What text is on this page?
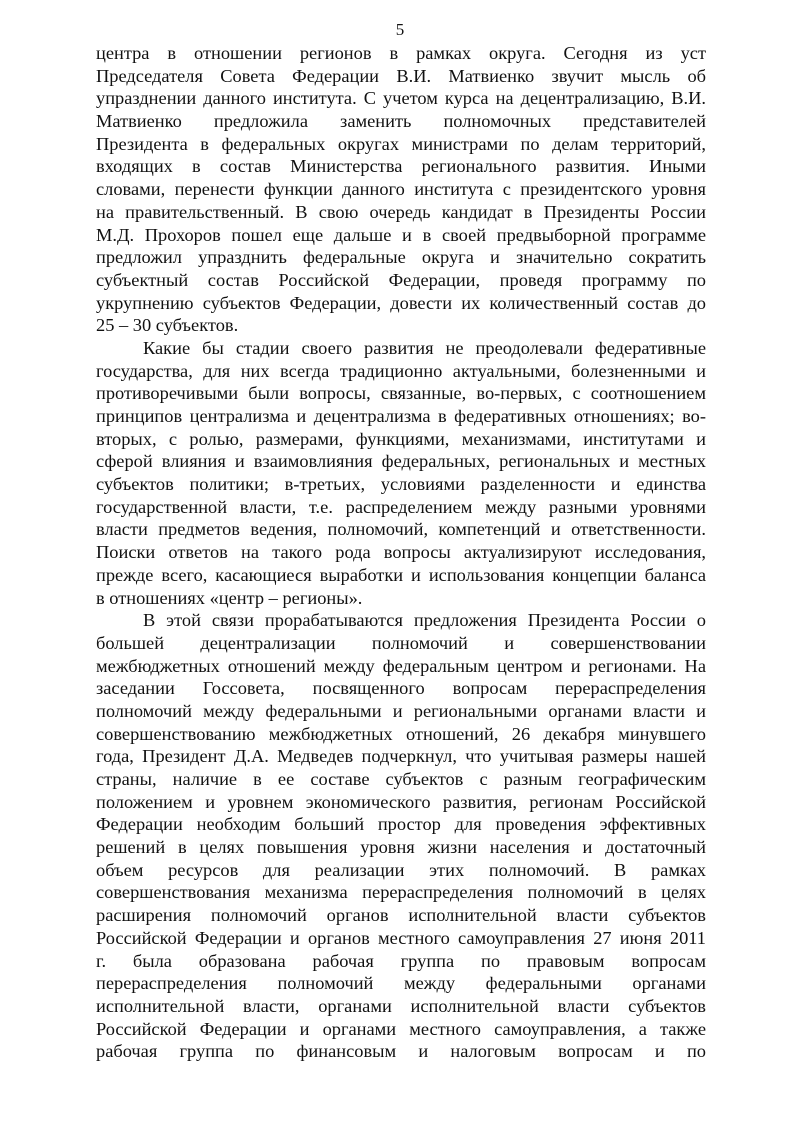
5
центра в отношении регионов в рамках округа. Сегодня из уст
Председателя Совета Федерации В.И. Матвиенко звучит мысль об
упразднении данного института. С учетом курса на децентрализацию, В.И.
Матвиенко предложила заменить полномочных представителей
Президента в федеральных округах министрами по делам территорий,
входящих в состав Министерства регионального развития. Иными
словами, перенести функции данного института с президентского уровня
на правительственный. В свою очередь кандидат в Президенты России
М.Д. Прохоров пошел еще дальше и в своей предвыборной программе
предложил упразднить федеральные округа и значительно сократить
субъектный состав Российской Федерации, проведя программу по
укрупнению субъектов Федерации, довести их количественный состав до
25 – 30 субъектов.
Какие бы стадии своего развития не преодолевали федеративные
государства, для них всегда традиционно актуальными, болезненными и
противоречивыми были вопросы, связанные, во-первых, с соотношением
принципов централизма и децентрализма в федеративных отношениях; во-
вторых, с ролью, размерами, функциями, механизмами, институтами и
сферой влияния и взаимовлияния федеральных, региональных и местных
субъектов политики; в-третьих, условиями разделенности и единства
государственной власти, т.е. распределением между разными уровнями
власти предметов ведения, полномочий, компетенций и ответственности.
Поиски ответов на такого рода вопросы актуализируют исследования,
прежде всего, касающиеся выработки и использования концепции баланса
в отношениях «центр – регионы».
В этой связи прорабатываются предложения Президента России о
большей децентрализации полномочий и совершенствовании
межбюджетных отношений между федеральным центром и регионами. На
заседании Госсовета, посвященного вопросам перераспределения
полномочий между федеральными и региональными органами власти и
совершенствованию межбюджетных отношений, 26 декабря минувшего
года, Президент Д.А. Медведев подчеркнул, что учитывая размеры нашей
страны, наличие в ее составе субъектов с разным географическим
положением и уровнем экономического развития, регионам Российской
Федерации необходим больший простор для проведения эффективных
решений в целях повышения уровня жизни населения и достаточный
объем ресурсов для реализации этих полномочий. В рамках
совершенствования механизма перераспределения полномочий в целях
расширения полномочий органов исполнительной власти субъектов
Российской Федерации и органов местного самоуправления 27 июня 2011
г. была образована рабочая группа по правовым вопросам
перераспределения полномочий между федеральными органами
исполнительной власти, органами исполнительной власти субъектов
Российской Федерации и органами местного самоуправления, а также
рабочая группа по финансовым и налоговым вопросам и по
